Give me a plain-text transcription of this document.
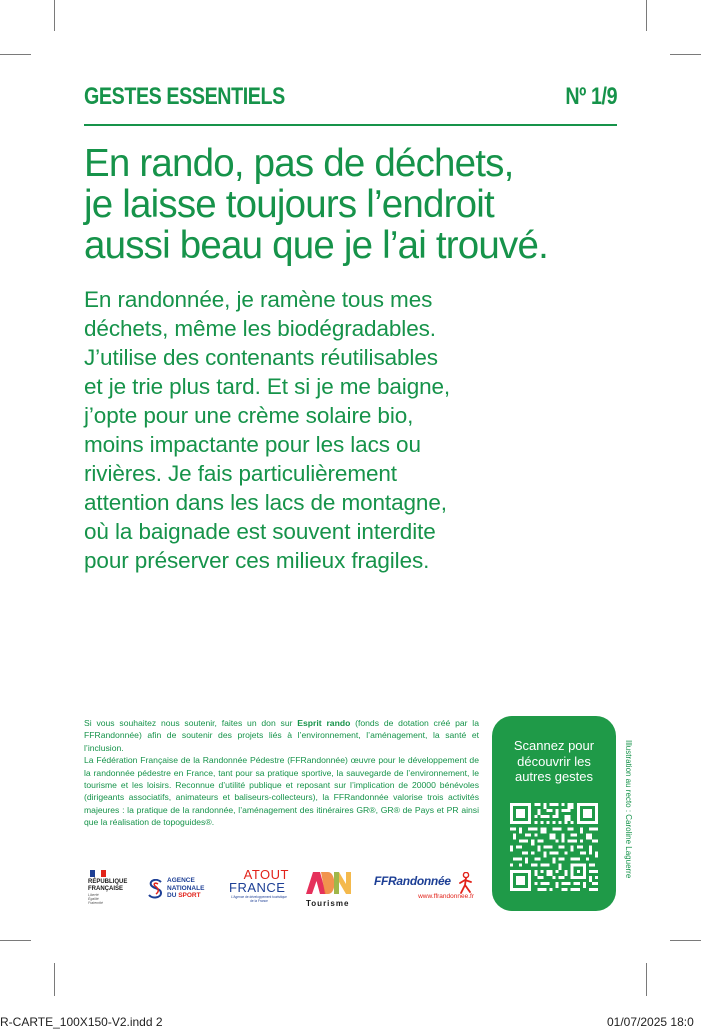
GESTES ESSENTIELS	Nº 1/9
En rando, pas de déchets,
je laisse toujours l’endroit
aussi beau que je l’ai trouvé.
En randonnée, je ramène tous mes
déchets, même les biodégradables.
J’utilise des contenants réutilisables
et je trie plus tard. Et si je me baigne,
j’opte pour une crème solaire bio,
moins impactante pour les lacs ou
rivières. Je fais particulièrement
attention dans les lacs de montagne,
où la baignade est souvent interdite
pour préserver ces milieux fragiles.

Si vous souhaitez nous soutenir, faites un don sur Esprit rando (fonds de dotation créé par la FFRandonnée) afin de soutenir des projets liés à l’environnement, l’aménagement, la santé et l’inclusion.

La Fédération Française de la Randonnée Pédestre (FFRandonnée) œuvre pour le développement de la randonnée pédestre en France, tant pour sa pratique sportive, la sauvegarde de l’environnement, le tourisme et les loisirs. Reconnue d’utilité publique et reposant sur l’implication de 20000 bénévoles (dirigeants associatifs, animateurs et baliseurs-collecteurs), la FFRandonnée valorise trois activités majeures : la pratique de la randonnée, l’aménagement des itinéraires GR®, GR® de Pays et PR ainsi que la réalisation de topoguides®.

Scannez pour
découvrir les
autres gestes	Illustration au recto : Caroline Laguerre
RÉPUBLIQUE
FRANÇAISE
Liberté
Égalité
Fraternité
AGENCE
NATIONALE
DU SPORT
ATOUT
FRANCE
L’Agence de développement touristique de la France	Tourisme
FFRandonnée
www.ffrandonnee.fr
R-CARTE_100X150-V2.indd 2	01/07/2025 18:0
